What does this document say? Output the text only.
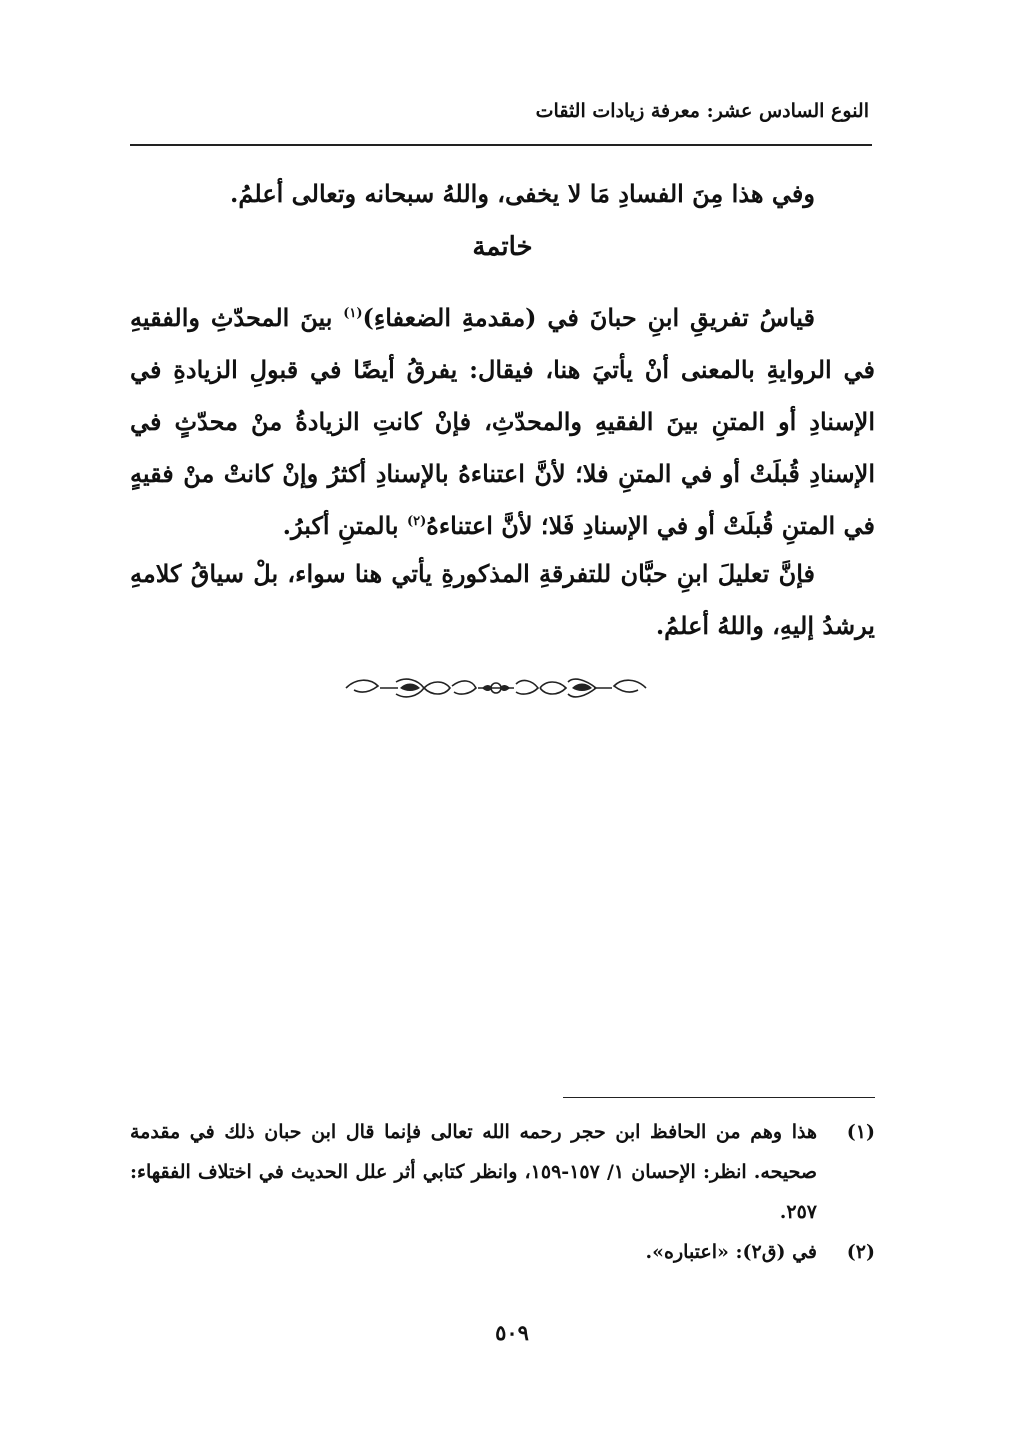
النوع السادس عشر: معرفة زيادات الثقات
وفي هذا مِنَ الفسادِ مَا لا يخفى، واللهُ سبحانه وتعالى أعلمُ.
خاتمة
قياسُ تفريقِ ابنِ حبانَ في (مقدمةِ الضعفاءِ)$^{(١)}$ بينَ المحدّثِ والفقيهِ في الروايةِ بالمعنى أنْ يأتيَ هنا، فيقال: يفرقُ أيضًا في قبولِ الزيادةِ في الإسنادِ أو المتنِ بينَ الفقيهِ والمحدّثِ، فإنْ كانتِ الزيادةُ منْ محدّثٍ في الإسنادِ قُبلَتْ أو في المتنِ فلا؛ لأنَّ اعتناءهُ بالإسنادِ أكثرُ وإنْ كانتْ منْ فقيهٍ في المتنِ قُبلَتْ أو في الإسنادِ فَلا؛ لأنَّ اعتناءهُ$^{(٢)}$ بالمتنِ أكبرُ.
فإنَّ تعليلَ ابنِ حبَّان للتفرقةِ المذكورةِ يأتي هنا سواء، بلْ سياقُ كلامهِ يرشدُ إليهِ، واللهُ أعلمُ.
(١)
هذا وهم من الحافظ ابن حجر رحمه الله تعالى فإنما قال ابن حبان ذلك في مقدمة صحيحه. انظر: الإحسان ١/ ١٥٧-١٥٩، وانظر كتابي أثر علل الحديث في اختلاف الفقهاء: ٢٥٧.
(٢)
في (ق٢): «اعتباره».
٥٠٩
